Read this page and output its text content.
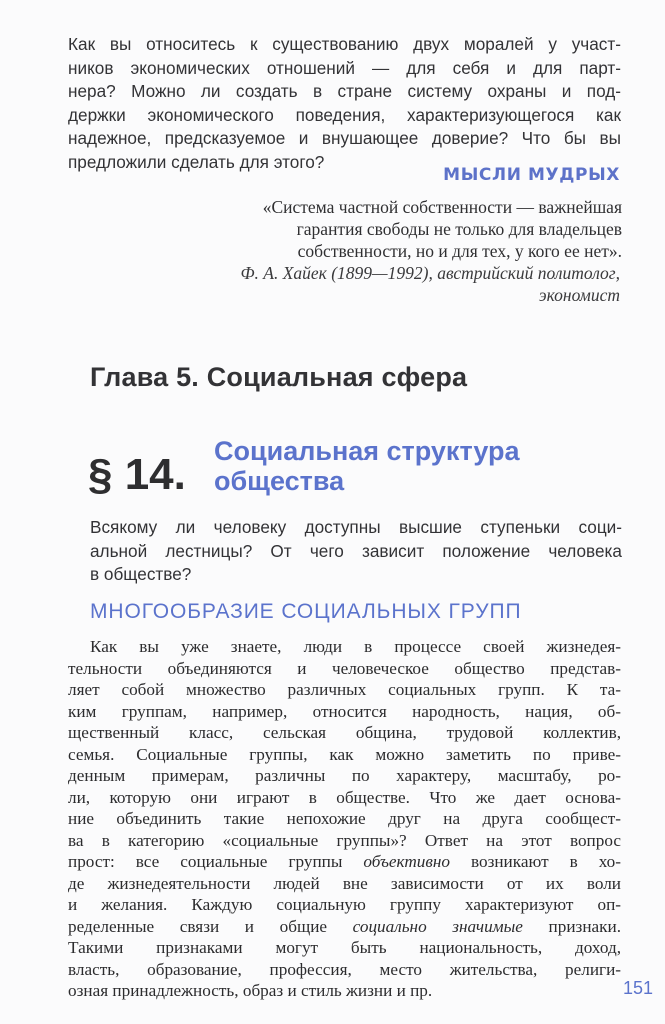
Как вы относитесь к существованию двух моралей у участ-
ников экономических отношений — для себя и для парт-
нера? Можно ли создать в стране систему охраны и под-
держки экономического поведения, характеризующегося как
надежное, предсказуемое и внушающее доверие? Что бы вы
предложили сделать для этого?
МЫСЛИ МУДРЫХ
«Система частной собственности — важнейшая
гарантия свободы не только для владельцев
собственности, но и для тех, у кого ее нет».
Ф. А. Хайек (1899—1992), австрийский политолог,
экономист
Глава 5. Социальная сфера
§ 14. Социальная структура
общества
Всякому ли человеку доступны высшие ступеньки соци-
альной лестницы? От чего зависит положение человека
в обществе?
МНОГООБРАЗИЕ СОЦИАЛЬНЫХ ГРУПП
Как вы уже знаете, люди в процессе своей жизнедея-
тельности объединяются и человеческое общество представ-
ляет собой множество различных социальных групп. К та-
ким группам, например, относится народность, нация, об-
щественный класс, сельская община, трудовой коллектив,
семья. Социальные группы, как можно заметить по приве-
денным примерам, различны по характеру, масштабу, ро-
ли, которую они играют в обществе. Что же дает основа-
ние объединить такие непохожие друг на друга сообщест-
ва в категорию «социальные группы»? Ответ на этот вопрос
прост: все социальные группы объективно возникают в хо-
де жизнедеятельности людей вне зависимости от их воли
и желания. Каждую социальную группу характеризуют оп-
ределенные связи и общие социально значимые признаки.
Такими признаками могут быть национальность, доход,
власть, образование, профессия, место жительства, религи-
озная принадлежность, образ и стиль жизни и пр.	151
